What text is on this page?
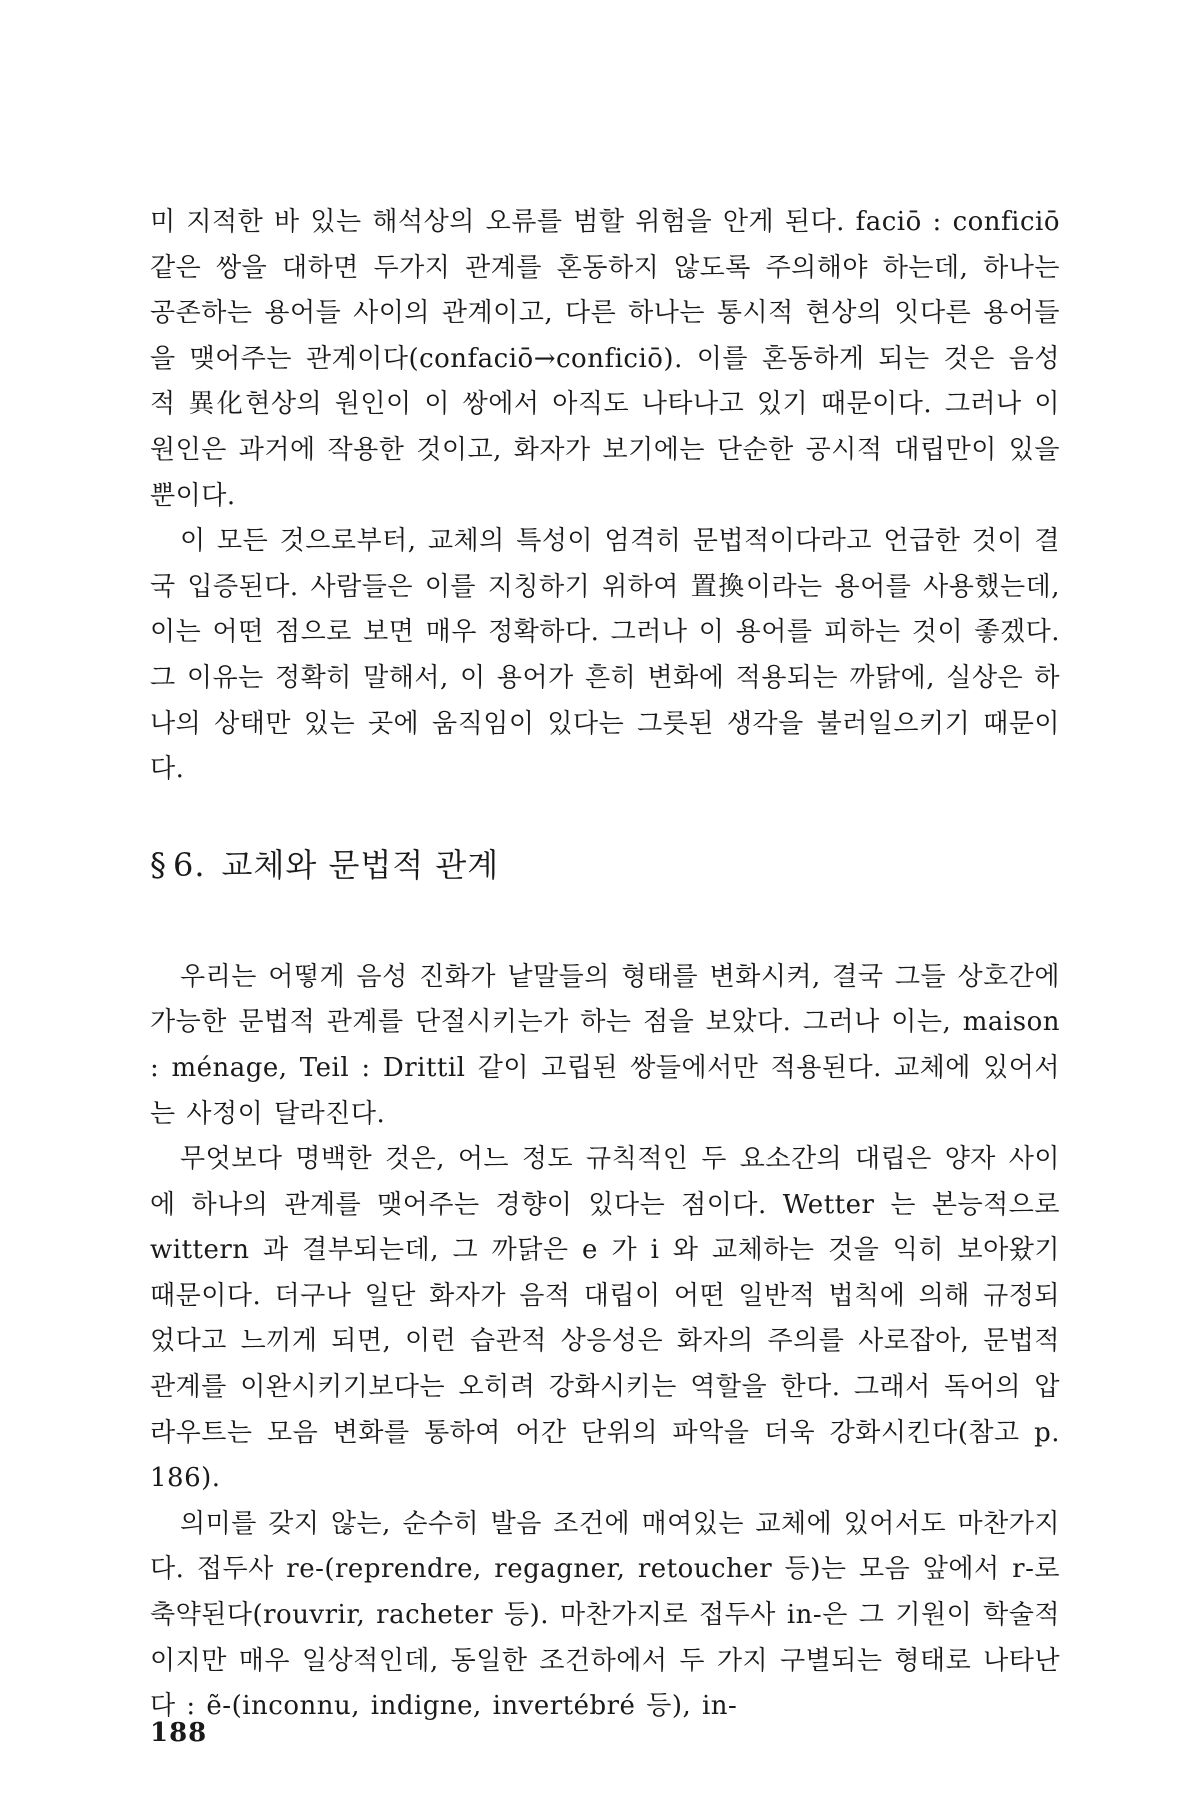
미 지적한 바 있는 해석상의 오류를 범할 위험을 안게 된다. faciō : conficiō 같은 쌍을 대하면 두가지 관계를 혼동하지 않도록 주의해야 하는데, 하나는 공존하는 용어들 사이의 관계이고, 다른 하나는 통시적 현상의 잇다른 용어들을 맺어주는 관계이다(confaciō→conficiō). 이를 혼동하게 되는 것은 음성적 異化현상의 원인이 이 쌍에서 아직도 나타나고 있기 때문이다. 그러나 이 원인은 과거에 작용한 것이고, 화자가 보기에는 단순한 공시적 대립만이 있을 뿐이다.

이 모든 것으로부터, 교체의 특성이 엄격히 문법적이다라고 언급한 것이 결국 입증된다. 사람들은 이를 지칭하기 위하여 置換이라는 용어를 사용했는데, 이는 어떤 점으로 보면 매우 정확하다. 그러나 이 용어를 피하는 것이 좋겠다. 그 이유는 정확히 말해서, 이 용어가 흔히 변화에 적용되는 까닭에, 실상은 하나의 상태만 있는 곳에 움직임이 있다는 그릇된 생각을 불러일으키기 때문이다.

§ 6. 교체와 문법적 관계

우리는 어떻게 음성 진화가 낱말들의 형태를 변화시켜, 결국 그들 상호간에 가능한 문법적 관계를 단절시키는가 하는 점을 보았다. 그러나 이는, maison : ménage, Teil : Drittil 같이 고립된 쌍들에서만 적용된다. 교체에 있어서는 사정이 달라진다.

무엇보다 명백한 것은, 어느 정도 규칙적인 두 요소간의 대립은 양자 사이에 하나의 관계를 맺어주는 경향이 있다는 점이다. Wetter 는 본능적으로 wittern 과 결부되는데, 그 까닭은 e 가 i 와 교체하는 것을 익히 보아왔기 때문이다. 더구나 일단 화자가 음적 대립이 어떤 일반적 법칙에 의해 규정되었다고 느끼게 되면, 이런 습관적 상응성은 화자의 주의를 사로잡아, 문법적 관계를 이완시키기보다는 오히려 강화시키는 역할을 한다. 그래서 독어의 압라우트는 모음 변화를 통하여 어간 단위의 파악을 더욱 강화시킨다(참고 p. 186).

의미를 갖지 않는, 순수히 발음 조건에 매여있는 교체에 있어서도 마찬가지다. 접두사 re-(reprendre, regagner, retoucher 등)는 모음 앞에서 r-로 축약된다(rouvrir, racheter 등). 마찬가지로 접두사 in-은 그 기원이 학술적이지만 매우 일상적인데, 동일한 조건하에서 두 가지 구별되는 형태로 나타난다 : ẽ-(inconnu, indigne, invertébré 등), in-

188
